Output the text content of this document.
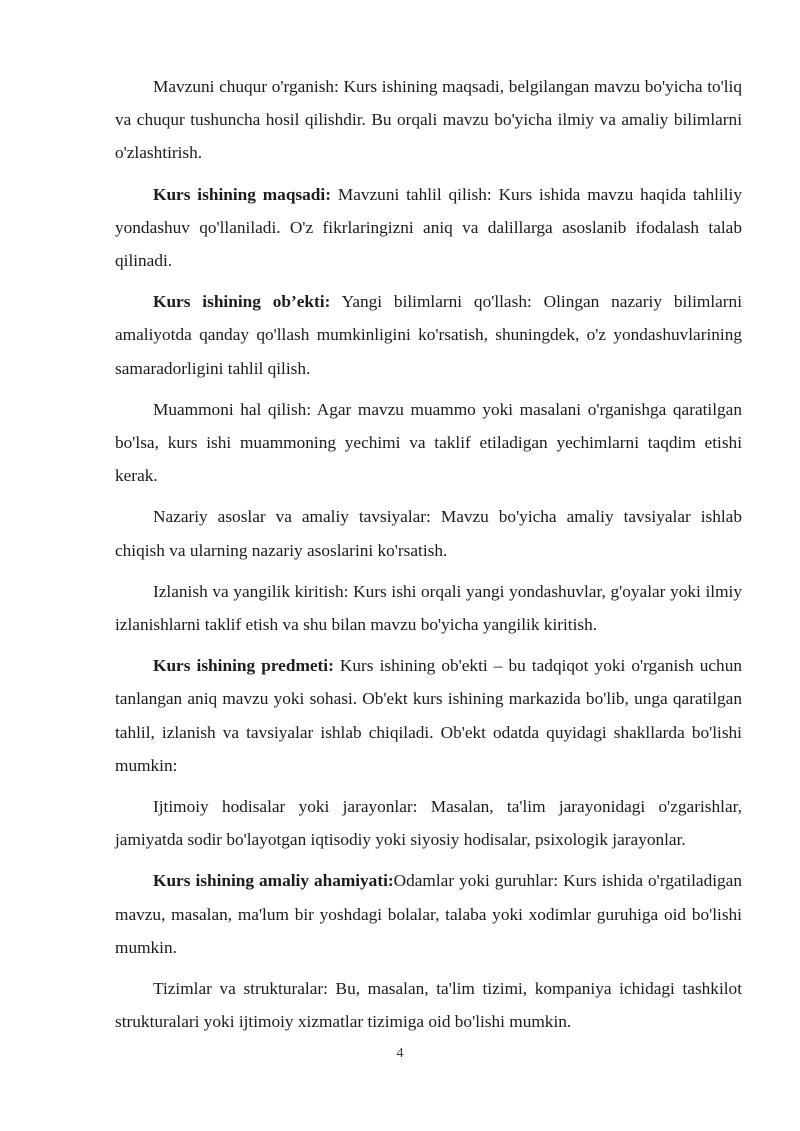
Mavzuni chuqur o'rganish: Kurs ishining maqsadi, belgilangan mavzu bo'yicha to'liq va chuqur tushuncha hosil qilishdir. Bu orqali mavzu bo'yicha ilmiy va amaliy bilimlarni o'zlashtirish.

Kurs ishining maqsadi: Mavzuni tahlil qilish: Kurs ishida mavzu haqida tahliliy yondashuv qo'llaniladi. O'z fikrlaringizni aniq va dalillarga asoslanib ifodalash talab qilinadi.

Kurs ishining ob’ekti: Yangi bilimlarni qo'llash: Olingan nazariy bilimlarni amaliyotda qanday qo'llash mumkinligini ko'rsatish, shuningdek, o'z yondashuvlarining samaradorligini tahlil qilish.

Muammoni hal qilish: Agar mavzu muammo yoki masalani o'rganishga qaratilgan bo'lsa, kurs ishi muammoning yechimi va taklif etiladigan yechimlarni taqdim etishi kerak.

Nazariy asoslar va amaliy tavsiyalar: Mavzu bo'yicha amaliy tavsiyalar ishlab chiqish va ularning nazariy asoslarini ko'rsatish.

Izlanish va yangilik kiritish: Kurs ishi orqali yangi yondashuvlar, g'oyalar yoki ilmiy izlanishlarni taklif etish va shu bilan mavzu bo'yicha yangilik kiritish.

Kurs ishining predmeti: Kurs ishining ob'ekti – bu tadqiqot yoki o'rganish uchun tanlangan aniq mavzu yoki sohasi. Ob'ekt kurs ishining markazida bo'lib, unga qaratilgan tahlil, izlanish va tavsiyalar ishlab chiqiladi. Ob'ekt odatda quyidagi shakllarda bo'lishi mumkin:

Ijtimoiy hodisalar yoki jarayonlar: Masalan, ta'lim jarayonidagi o'zgarishlar, jamiyatda sodir bo'layotgan iqtisodiy yoki siyosiy hodisalar, psixologik jarayonlar.

Kurs ishining amaliy ahamiyati:Odamlar yoki guruhlar: Kurs ishida o'rgatiladigan mavzu, masalan, ma'lum bir yoshdagi bolalar, talaba yoki xodimlar guruhiga oid bo'lishi mumkin.

Tizimlar va strukturalar: Bu, masalan, ta'lim tizimi, kompaniya ichidagi tashkilot strukturalari yoki ijtimoiy xizmatlar tizimiga oid bo'lishi mumkin.

4
